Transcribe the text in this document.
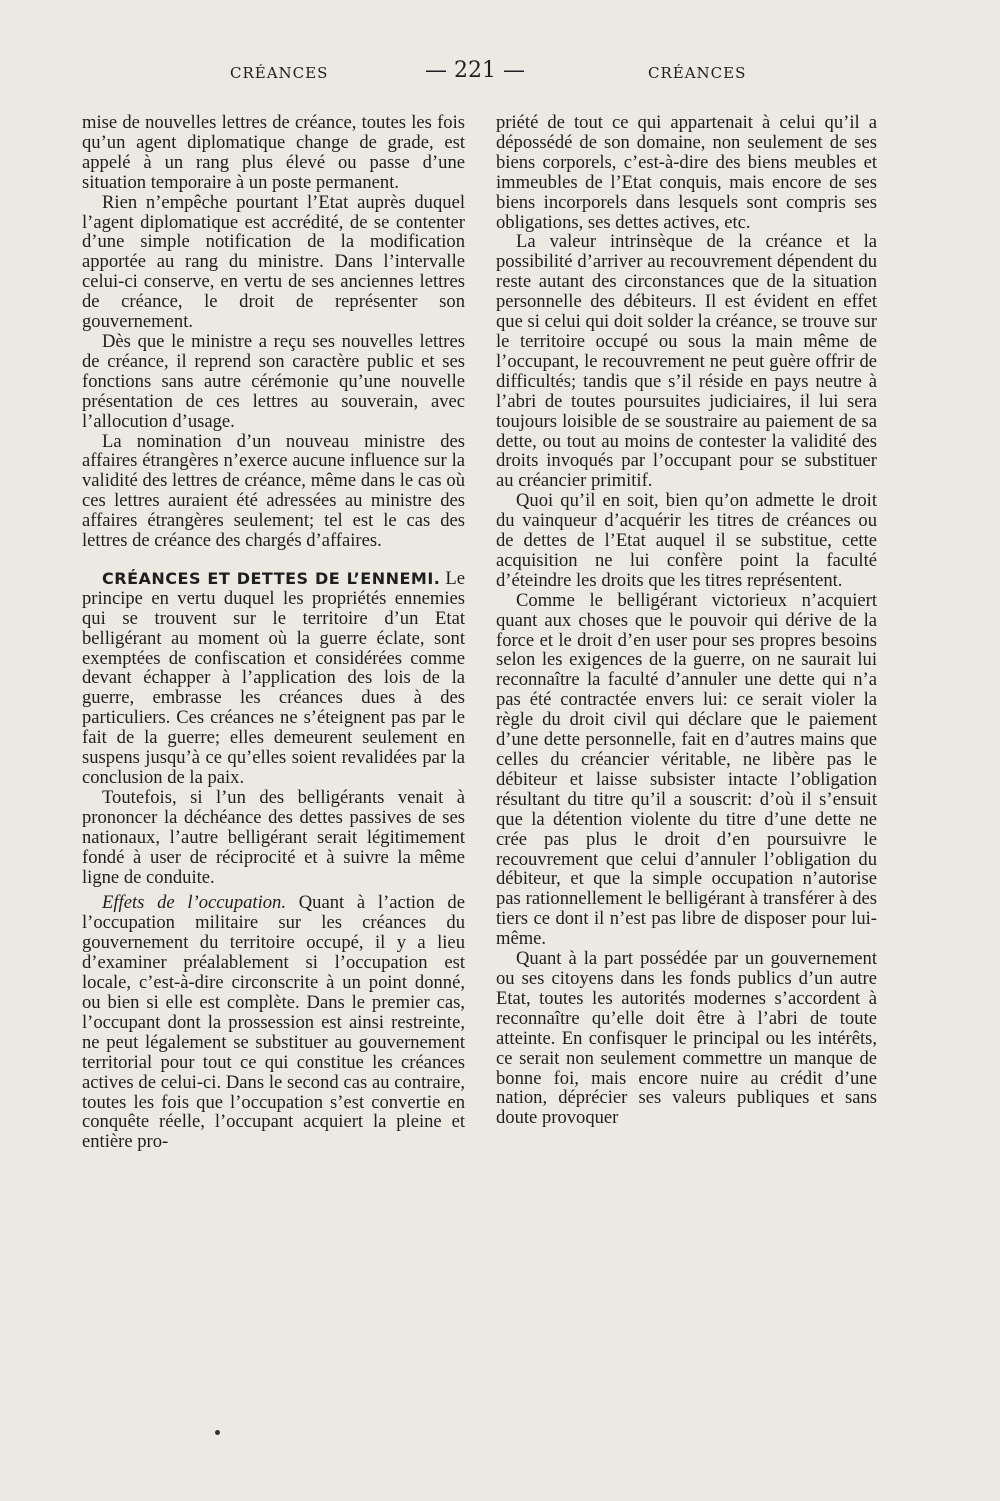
CRÉANCES	— 221 —	CRÉANCES

mise de nouvelles lettres de créance, toutes les fois qu’un agent diplomatique change de grade, est appelé à un rang plus élevé ou passe d’une situation temporaire à un poste permanent.

Rien n’empêche pourtant l’Etat auprès duquel l’agent diplomatique est accrédité, de se contenter d’une simple notification de la modification apportée au rang du ministre. Dans l’intervalle celui-ci conserve, en vertu de ses anciennes lettres de créance, le droit de représenter son gouvernement.

Dès que le ministre a reçu ses nouvelles lettres de créance, il reprend son caractère public et ses fonctions sans autre cérémonie qu’une nouvelle présentation de ces lettres au souverain, avec l’allocution d’usage.

La nomination d’un nouveau ministre des affaires étrangères n’exerce aucune influence sur la validité des lettres de créance, même dans le cas où ces lettres auraient été adressées au ministre des affaires étrangères seulement; tel est le cas des lettres de créance des chargés d’affaires.

CRÉANCES ET DETTES DE L’ENNEMI. Le principe en vertu duquel les propriétés ennemies qui se trouvent sur le territoire d’un Etat belligérant au moment où la guerre éclate, sont exemptées de confiscation et considérées comme devant échapper à l’application des lois de la guerre, embrasse les créances dues à des particuliers. Ces créances ne s’éteignent pas par le fait de la guerre; elles demeurent seulement en suspens jusqu’à ce qu’elles soient revalidées par la conclusion de la paix.

Toutefois, si l’un des belligérants venait à prononcer la déchéance des dettes passives de ses nationaux, l’autre belligérant serait légitimement fondé à user de réciprocité et à suivre la même ligne de conduite.

Effets de l’occupation. Quant à l’action de l’occupation militaire sur les créances du gouvernement du territoire occupé, il y a lieu d’examiner préalablement si l’occupation est locale, c’est-à-dire circonscrite à un point donné, ou bien si elle est complète. Dans le premier cas, l’occupant dont la prossession est ainsi restreinte, ne peut légalement se substituer au gouvernement territorial pour tout ce qui constitue les créances actives de celui-ci. Dans le second cas au contraire, toutes les fois que l’occupation s’est convertie en conquête réelle, l’occupant acquiert la pleine et entière pro-

priété de tout ce qui appartenait à celui qu’il a dépossédé de son domaine, non seulement de ses biens corporels, c’est-à-dire des biens meubles et immeubles de l’Etat conquis, mais encore de ses biens incorporels dans lesquels sont compris ses obligations, ses dettes actives, etc.

La valeur intrinsèque de la créance et la possibilité d’arriver au recouvrement dépendent du reste autant des circonstances que de la situation personnelle des débiteurs. Il est évident en effet que si celui qui doit solder la créance, se trouve sur le territoire occupé ou sous la main même de l’occupant, le recouvrement ne peut guère offrir de difficultés; tandis que s’il réside en pays neutre à l’abri de toutes poursuites judiciaires, il lui sera toujours loisible de se soustraire au paiement de sa dette, ou tout au moins de contester la validité des droits invoqués par l’occupant pour se substituer au créancier primitif.

Quoi qu’il en soit, bien qu’on admette le droit du vainqueur d’acquérir les titres de créances ou de dettes de l’Etat auquel il se substitue, cette acquisition ne lui confère point la faculté d’éteindre les droits que les titres représentent.

Comme le belligérant victorieux n’acquiert quant aux choses que le pouvoir qui dérive de la force et le droit d’en user pour ses propres besoins selon les exigences de la guerre, on ne saurait lui reconnaître la faculté d’annuler une dette qui n’a pas été contractée envers lui: ce serait violer la règle du droit civil qui déclare que le paiement d’une dette personnelle, fait en d’autres mains que celles du créancier véritable, ne libère pas le débiteur et laisse subsister intacte l’obligation résultant du titre qu’il a souscrit: d’où il s’ensuit que la détention violente du titre d’une dette ne crée pas plus le droit d’en poursuivre le recouvrement que celui d’annuler l’obligation du débiteur, et que la simple occupation n’autorise pas rationnellement le belligérant à transférer à des tiers ce dont il n’est pas libre de disposer pour lui-même.

Quant à la part possédée par un gouvernement ou ses citoyens dans les fonds publics d’un autre Etat, toutes les autorités modernes s’accordent à reconnaître qu’elle doit être à l’abri de toute atteinte. En confisquer le principal ou les intérêts, ce serait non seulement commettre un manque de bonne foi, mais encore nuire au crédit d’une nation, déprécier ses valeurs publiques et sans doute provoquer
